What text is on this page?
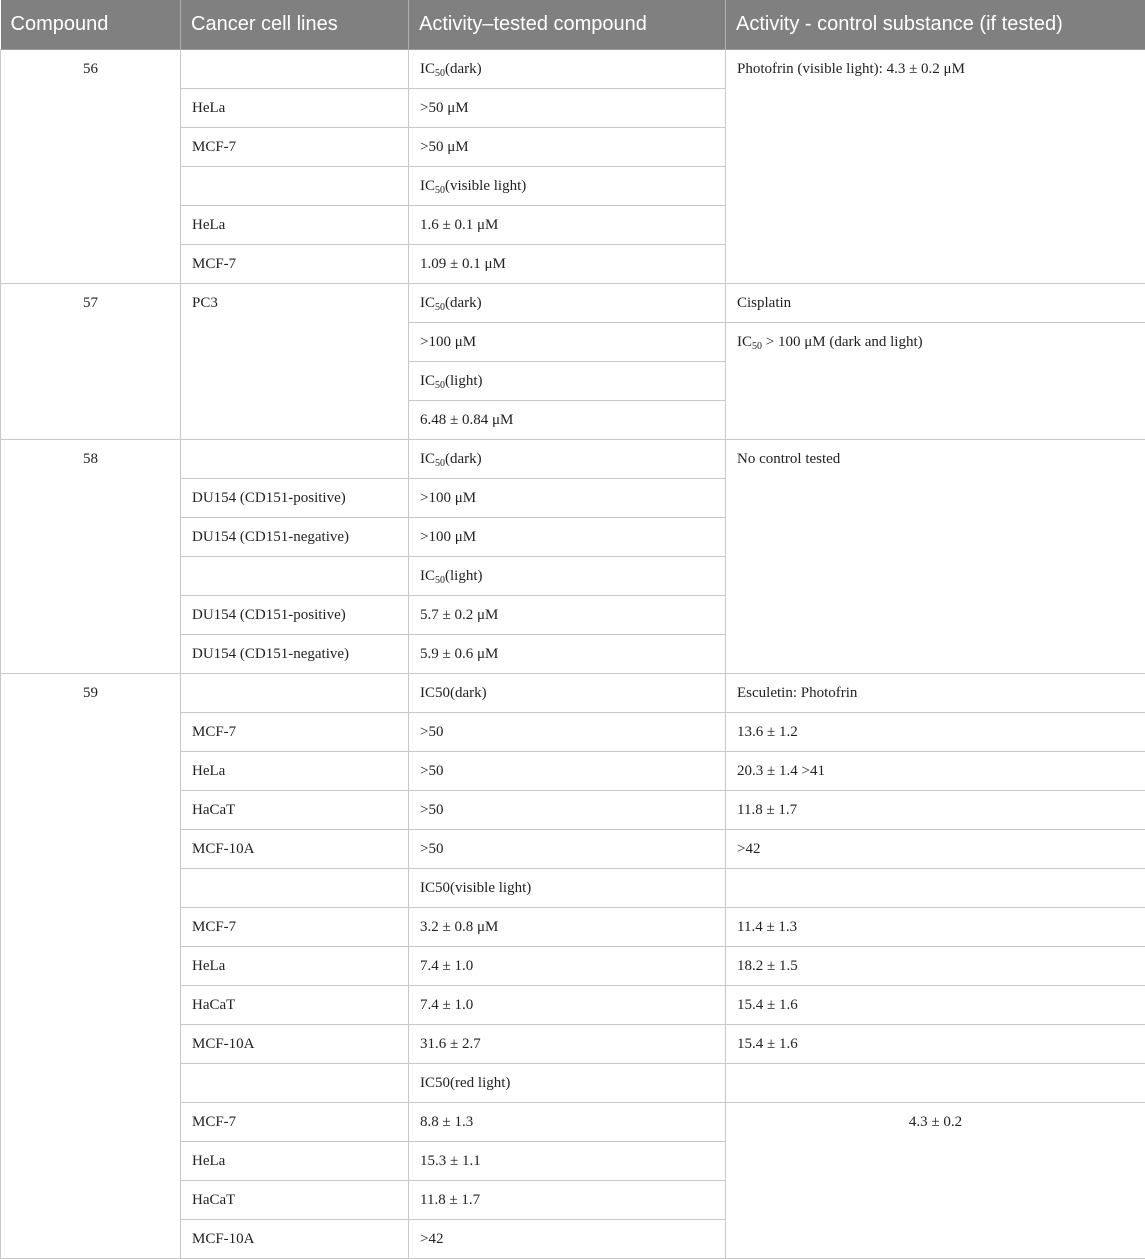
Compound	Cancer cell lines	Activity–tested compound	Activity - control substance (if tested)
56		$IC_{50}(dark)$	Photofrin (visible light): 4.3 ± 0.2 μM
	HeLa	>50 μM	
	MCF-7	>50 μM	
		$IC_{50}(visible$ light)	
	HeLa	1.6 ± 0.1 μM	
	MCF-7	1.09 ± 0.1 μM	
57	PC3	$IC_{50}(dark)$	Cisplatin
		>100 μM	$IC_{50} > 100$ μM (dark and light)
		$IC_{50}(light)$	
		6.48 ± 0.84 μM	
58		$IC_{50}(dark)$	No control tested
	DU154 (CD151-positive)	>100 μM	
	DU154 (CD151-negative)	>100 μM	
		$IC_{50}(light)$	
	DU154 (CD151-positive)	5.7 ± 0.2 μM	
	DU154 (CD151-negative)	5.9 ± 0.6 μM	
59		IC50(dark)	Esculetin: Photofrin
	MCF-7	>50	13.6 ± 1.2
	HeLa	>50	20.3 ± 1.4 >41
	HaCaT	>50	11.8 ± 1.7
	MCF-10A	>50	>42
		IC50(visible light)	
	MCF-7	3.2 ± 0.8 μM	11.4 ± 1.3
	HeLa	7.4 ± 1.0	18.2 ± 1.5
	HaCaT	7.4 ± 1.0	15.4 ± 1.6
	MCF-10A	31.6 ± 2.7	15.4 ± 1.6
		IC50(red light)	
	MCF-7	8.8 ± 1.3	4.3 ± 0.2
	HeLa	15.3 ± 1.1	
	HaCaT	11.8 ± 1.7	
	MCF-10A	>42	
